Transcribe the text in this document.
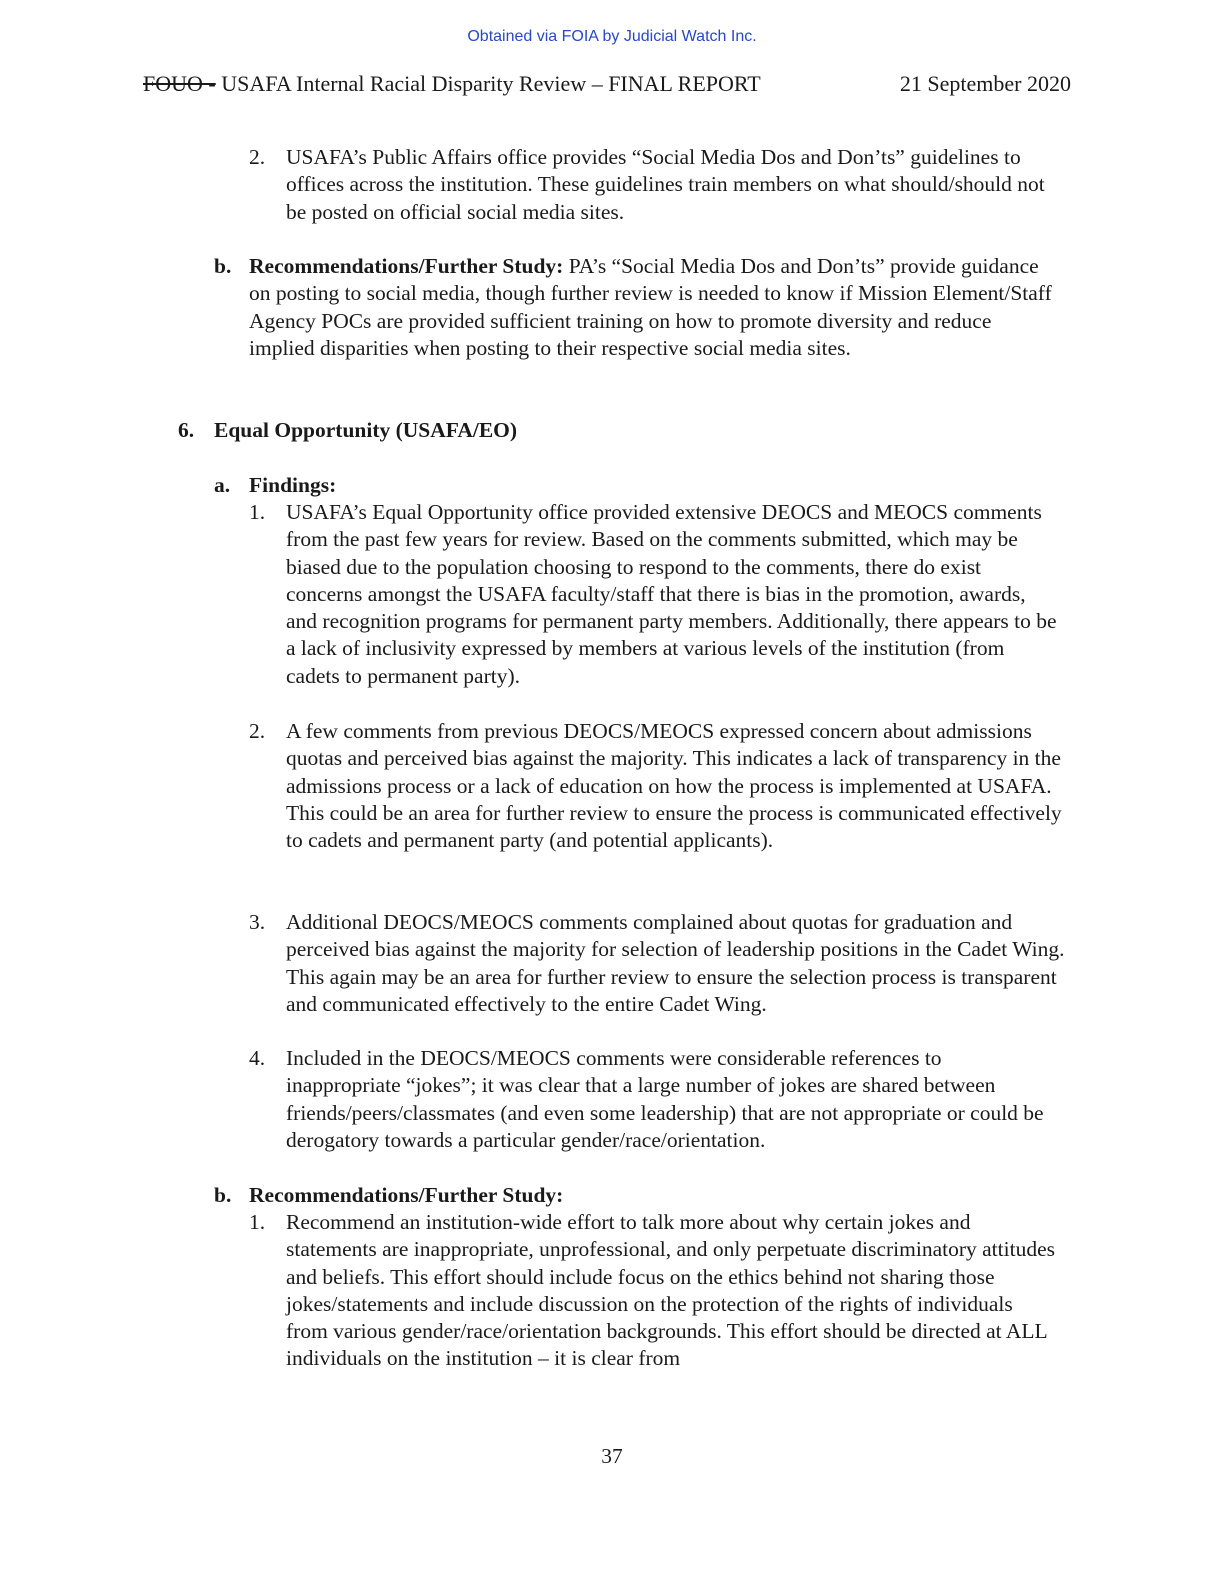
Obtained via FOIA by Judicial Watch Inc.
FOUO - USAFA Internal Racial Disparity Review – FINAL REPORT	21 September 2020
2. USAFA’s Public Affairs office provides “Social Media Dos and Don’ts” guidelines to offices across the institution. These guidelines train members on what should/should not be posted on official social media sites.

b. Recommendations/Further Study: PA’s “Social Media Dos and Don’ts” provide guidance on posting to social media, though further review is needed to know if Mission Element/Staff Agency POCs are provided sufficient training on how to promote diversity and reduce implied disparities when posting to their respective social media sites.

6. Equal Opportunity (USAFA/EO)
a. Findings:
1. USAFA’s Equal Opportunity office provided extensive DEOCS and MEOCS comments from the past few years for review. Based on the comments submitted, which may be biased due to the population choosing to respond to the comments, there do exist concerns amongst the USAFA faculty/staff that there is bias in the promotion, awards, and recognition programs for permanent party members. Additionally, there appears to be a lack of inclusivity expressed by members at various levels of the institution (from cadets to permanent party).

2. A few comments from previous DEOCS/MEOCS expressed concern about admissions quotas and perceived bias against the majority. This indicates a lack of transparency in the admissions process or a lack of education on how the process is implemented at USAFA. This could be an area for further review to ensure the process is communicated effectively to cadets and permanent party (and potential applicants).

3. Additional DEOCS/MEOCS comments complained about quotas for graduation and perceived bias against the majority for selection of leadership positions in the Cadet Wing. This again may be an area for further review to ensure the selection process is transparent and communicated effectively to the entire Cadet Wing.

4. Included in the DEOCS/MEOCS comments were considerable references to inappropriate “jokes”; it was clear that a large number of jokes are shared between friends/peers/classmates (and even some leadership) that are not appropriate or could be derogatory towards a particular gender/race/orientation.

b. Recommendations/Further Study:
1. Recommend an institution-wide effort to talk more about why certain jokes and statements are inappropriate, unprofessional, and only perpetuate discriminatory attitudes and beliefs. This effort should include focus on the ethics behind not sharing those jokes/statements and include discussion on the protection of the rights of individuals from various gender/race/orientation backgrounds. This effort should be directed at ALL individuals on the institution – it is clear from

37
